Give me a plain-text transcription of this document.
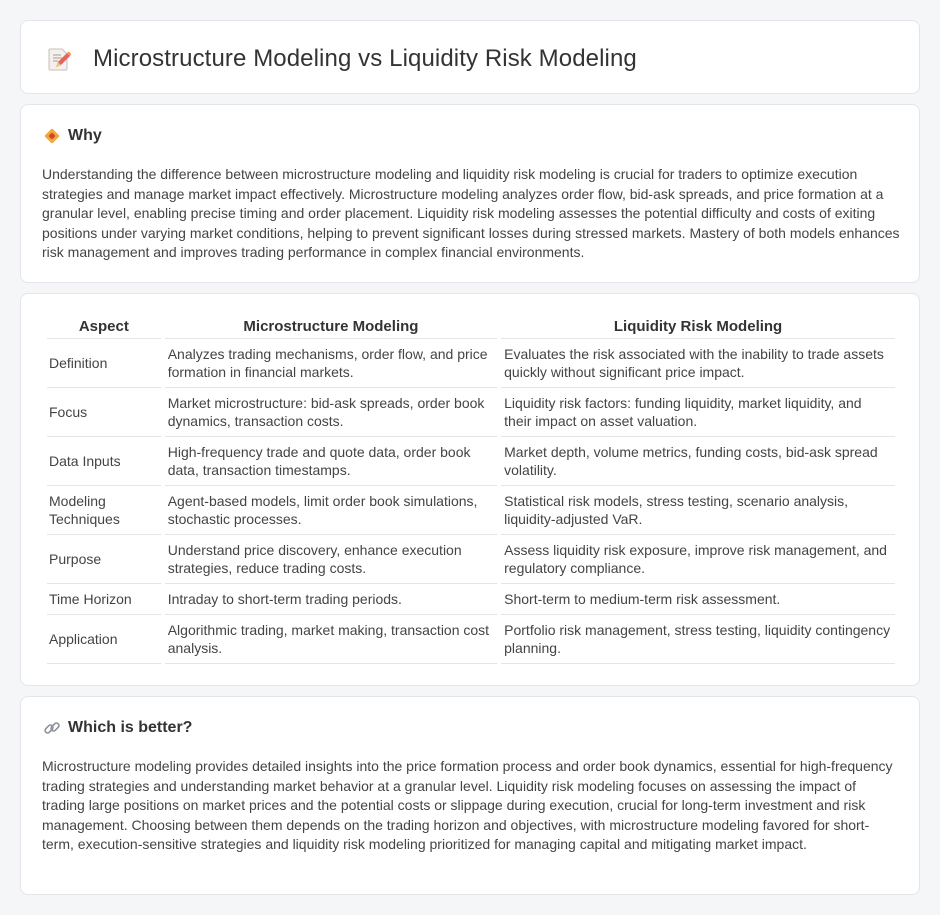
Microstructure Modeling vs Liquidity Risk Modeling
Why

Understanding the difference between microstructure modeling and liquidity risk modeling is crucial for traders to optimize execution strategies and manage market impact effectively. Microstructure modeling analyzes order flow, bid-ask spreads, and price formation at a granular level, enabling precise timing and order placement. Liquidity risk modeling assesses the potential difficulty and costs of exiting positions under varying market conditions, helping to prevent significant losses during stressed markets. Mastery of both models enhances risk management and improves trading performance in complex financial environments.

Aspect	Microstructure Modeling	Liquidity Risk Modeling
Definition	Analyzes trading mechanisms, order flow, and price formation in financial markets.	Evaluates the risk associated with the inability to trade assets quickly without significant price impact.
Focus	Market microstructure: bid-ask spreads, order book dynamics, transaction costs.	Liquidity risk factors: funding liquidity, market liquidity, and their impact on asset valuation.
Data Inputs	High-frequency trade and quote data, order book data, transaction timestamps.	Market depth, volume metrics, funding costs, bid-ask spread volatility.
Modeling Techniques	Agent-based models, limit order book simulations, stochastic processes.	Statistical risk models, stress testing, scenario analysis, liquidity-adjusted VaR.
Purpose	Understand price discovery, enhance execution strategies, reduce trading costs.	Assess liquidity risk exposure, improve risk management, and regulatory compliance.
Time Horizon	Intraday to short-term trading periods.	Short-term to medium-term risk assessment.
Application	Algorithmic trading, market making, transaction cost analysis.	Portfolio risk management, stress testing, liquidity contingency planning.
Which is better?

Microstructure modeling provides detailed insights into the price formation process and order book dynamics, essential for high-frequency trading strategies and understanding market behavior at a granular level. Liquidity risk modeling focuses on assessing the impact of trading large positions on market prices and the potential costs or slippage during execution, crucial for long-term investment and risk management. Choosing between them depends on the trading horizon and objectives, with microstructure modeling favored for short-term, execution-sensitive strategies and liquidity risk modeling prioritized for managing capital and mitigating market impact.
